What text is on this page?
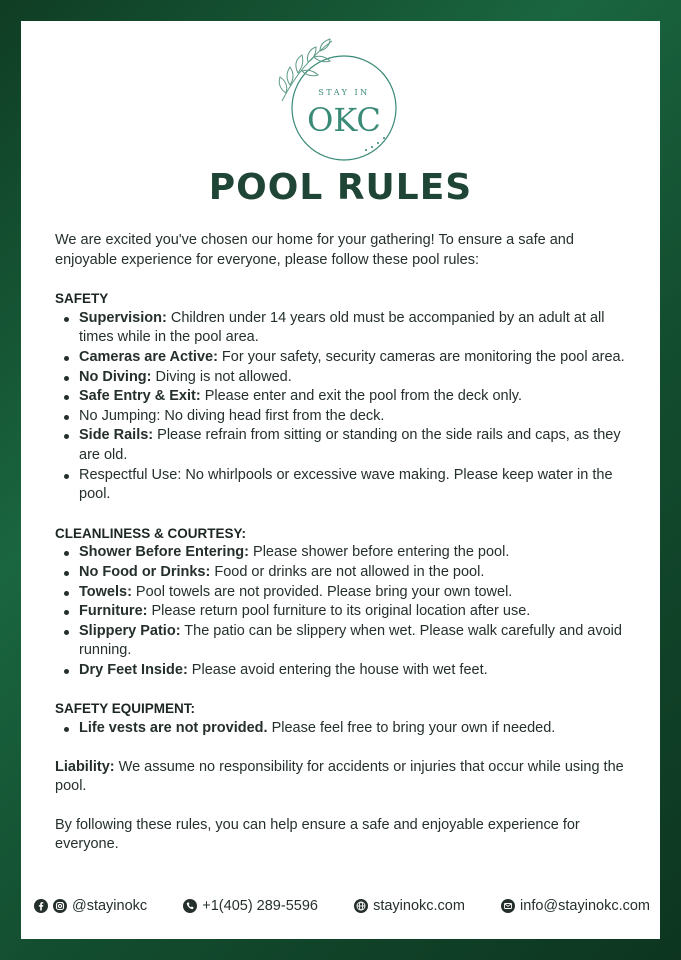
STAY IN
OKC
POOL RULES

We are excited you've chosen our home for your gathering! To ensure a safe and enjoyable experience for everyone, please follow these pool rules:

SAFETY

Supervision: Children under 14 years old must be accompanied by an adult at all times while in the pool area.
Cameras are Active: For your safety, security cameras are monitoring the pool area.
No Diving: Diving is not allowed.
Safe Entry & Exit: Please enter and exit the pool from the deck only.
No Jumping: No diving head first from the deck.
Side Rails: Please refrain from sitting or standing on the side rails and caps, as they are old.
Respectful Use: No whirlpools or excessive wave making. Please keep water in the pool.

CLEANLINESS & COURTESY:

Shower Before Entering: Please shower before entering the pool.
No Food or Drinks: Food or drinks are not allowed in the pool.
Towels: Pool towels are not provided. Please bring your own towel.
Furniture: Please return pool furniture to its original location after use.
Slippery Patio: The patio can be slippery when wet. Please walk carefully and avoid running.
Dry Feet Inside: Please avoid entering the house with wet feet.

SAFETY EQUIPMENT:

Life vests are not provided. Please feel free to bring your own if needed.

Liability: We assume no responsibility for accidents or injuries that occur while using the pool.

By following these rules, you can help ensure a safe and enjoyable experience for everyone.

@stayinokc	+1(405) 289-5596	stayinokc.com	info@stayinokc.com
